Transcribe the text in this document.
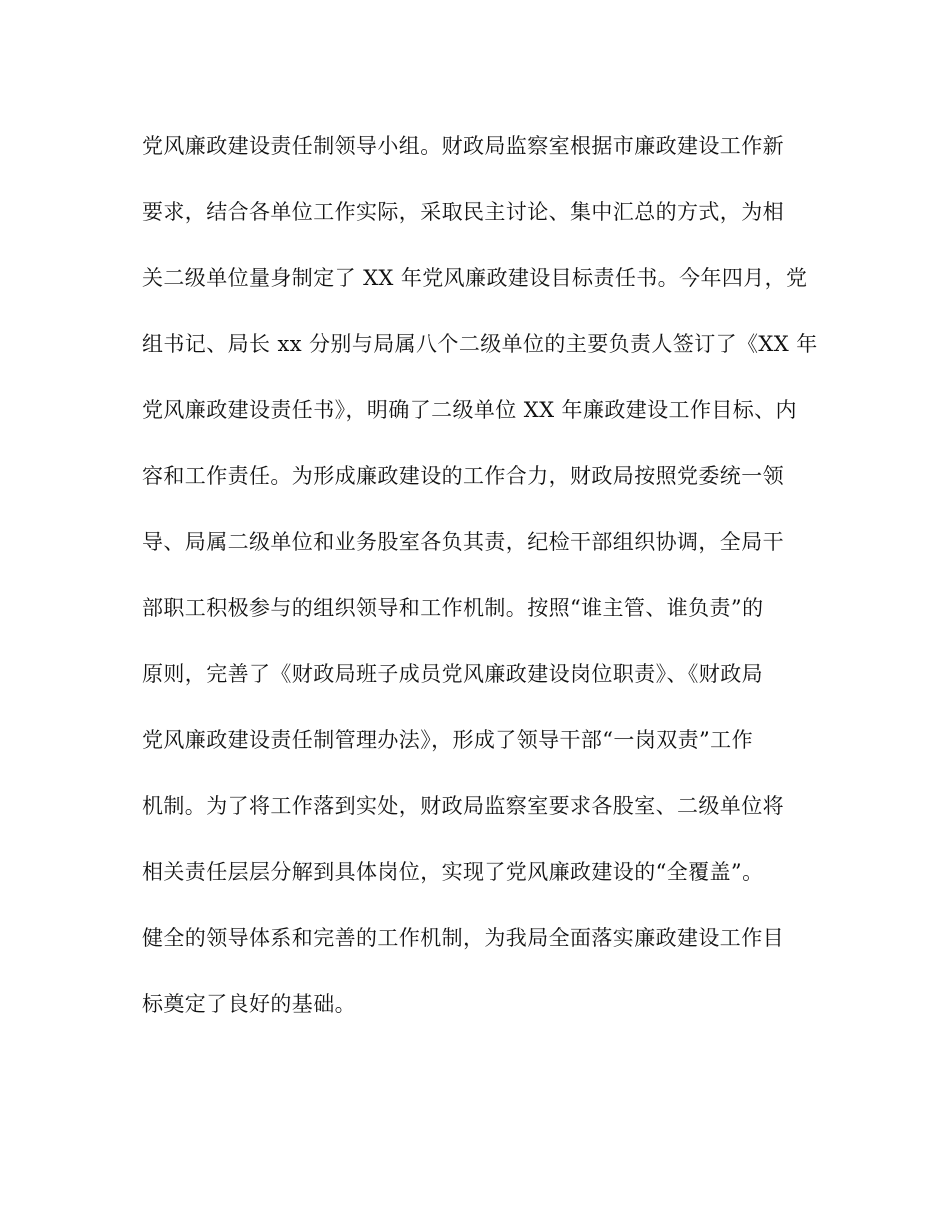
党风廉政建设责任制领导小组。财政局监察室根据市廉政建设工作新
要求，结合各单位工作实际，采取民主讨论、集中汇总的方式，为相
关二级单位量身制定了 XX 年党风廉政建设目标责任书。今年四月，党
组书记、局长 xx 分别与局属八个二级单位的主要负责人签订了《XX 年
党风廉政建设责任书》，明确了二级单位 XX 年廉政建设工作目标、内
容和工作责任。为形成廉政建设的工作合力，财政局按照党委统一领
导、局属二级单位和业务股室各负其责，纪检干部组织协调，全局干
部职工积极参与的组织领导和工作机制。按照“谁主管、谁负责”的
原则，完善了《财政局班子成员党风廉政建设岗位职责》、《财政局
党风廉政建设责任制管理办法》，形成了领导干部“一岗双责”工作
机制。为了将工作落到实处，财政局监察室要求各股室、二级单位将
相关责任层层分解到具体岗位，实现了党风廉政建设的“全覆盖”。
健全的领导体系和完善的工作机制，为我局全面落实廉政建设工作目
标奠定了良好的基础。
